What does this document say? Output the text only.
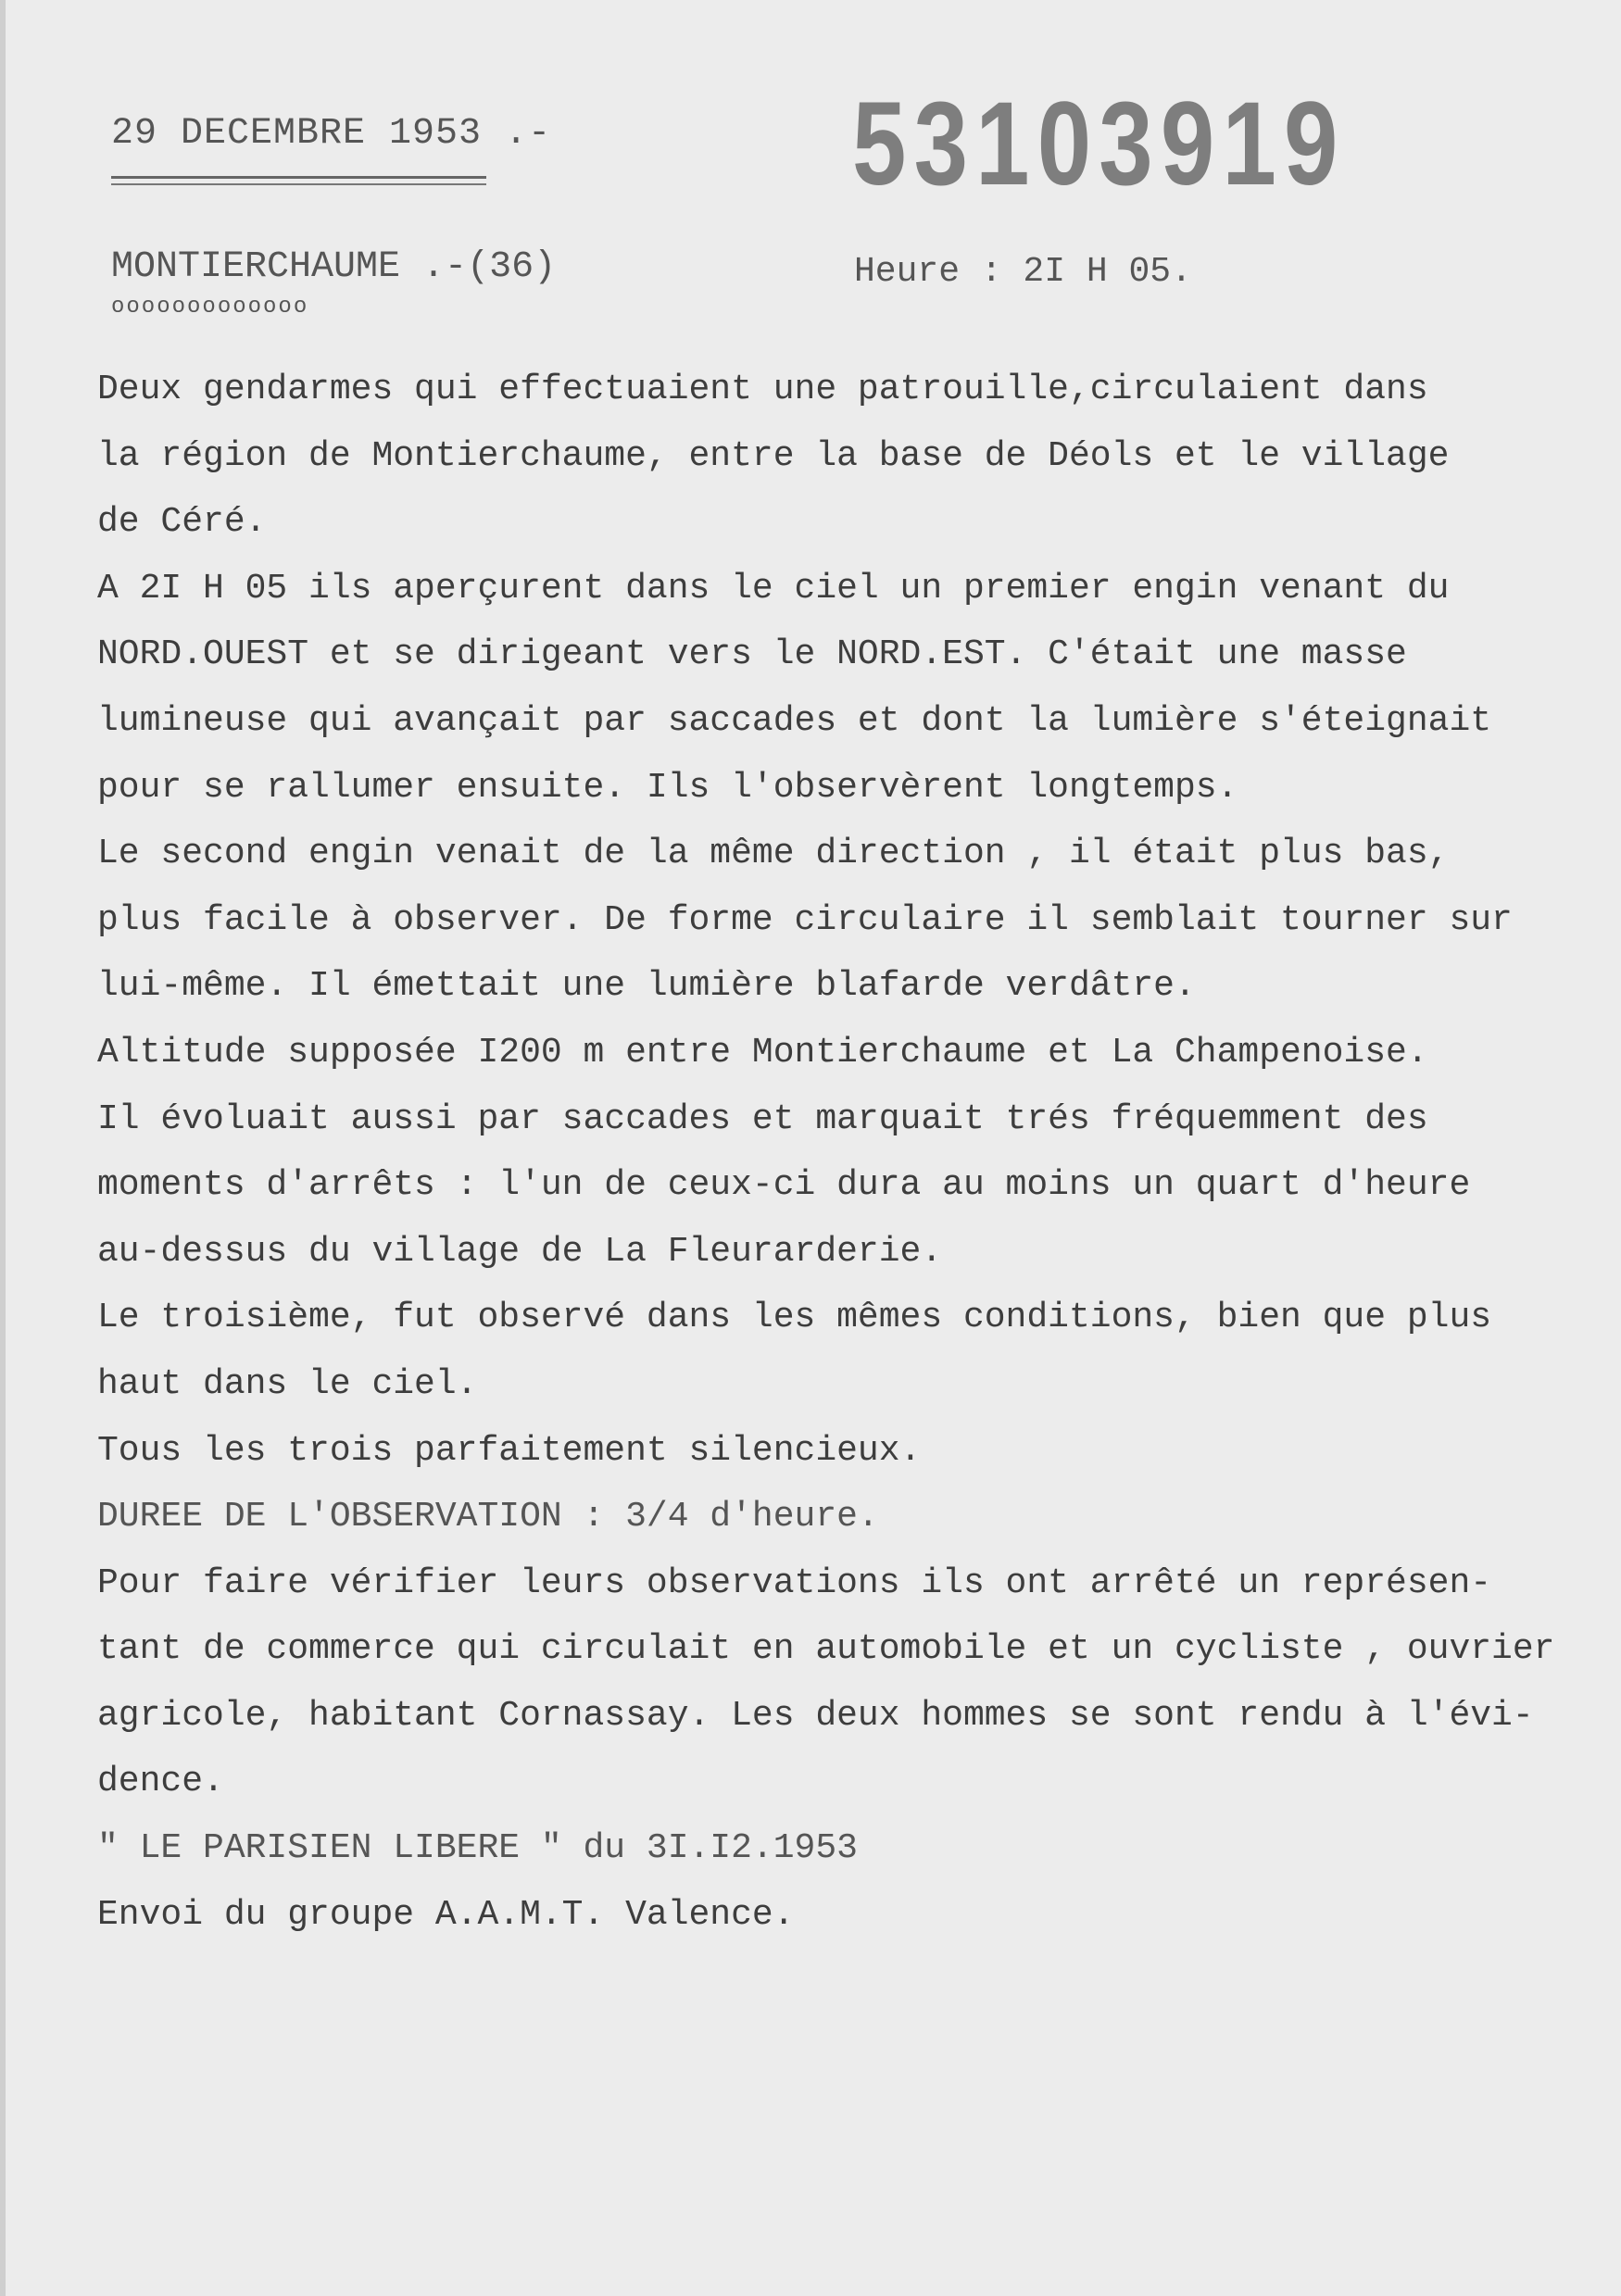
29 DECEMBRE 1953 .-	53103919
MONTIERCHAUME .-(36)
ooooooooooooo
Heure : 2I H 05.
Deux gendarmes qui effectuaient une patrouille,circulaient dans
la région de Montierchaume, entre la base de Déols et le village
de Céré.
A 2I H 05 ils aperçurent dans le ciel un premier engin venant du
NORD.OUEST et se dirigeant vers le NORD.EST. C'était une masse
lumineuse qui avançait par saccades et dont la lumière s'éteignait
pour se rallumer ensuite. Ils l'observèrent longtemps.
Le second engin venait de la même direction , il était plus bas,
plus facile à observer. De forme circulaire il semblait tourner sur
lui-même. Il émettait une lumière blafarde verdâtre.
Altitude supposée I200 m entre Montierchaume et La Champenoise.
Il évoluait aussi par saccades et marquait trés fréquemment des
moments d'arrêts : l'un de ceux-ci dura au moins un quart d'heure
au-dessus du village de La Fleurarderie.
Le troisième, fut observé dans les mêmes conditions, bien que plus
haut dans le ciel.
Tous les trois parfaitement silencieux.
DUREE DE L'OBSERVATION : 3/4 d'heure.
Pour faire vérifier leurs observations ils ont arrêté un représen-
tant de commerce qui circulait en automobile et un cycliste , ouvrier
agricole, habitant Cornassay. Les deux hommes se sont rendu à l'évi-
dence.
" LE PARISIEN LIBERE " du 3I.I2.1953
Envoi du groupe A.A.M.T. Valence.
